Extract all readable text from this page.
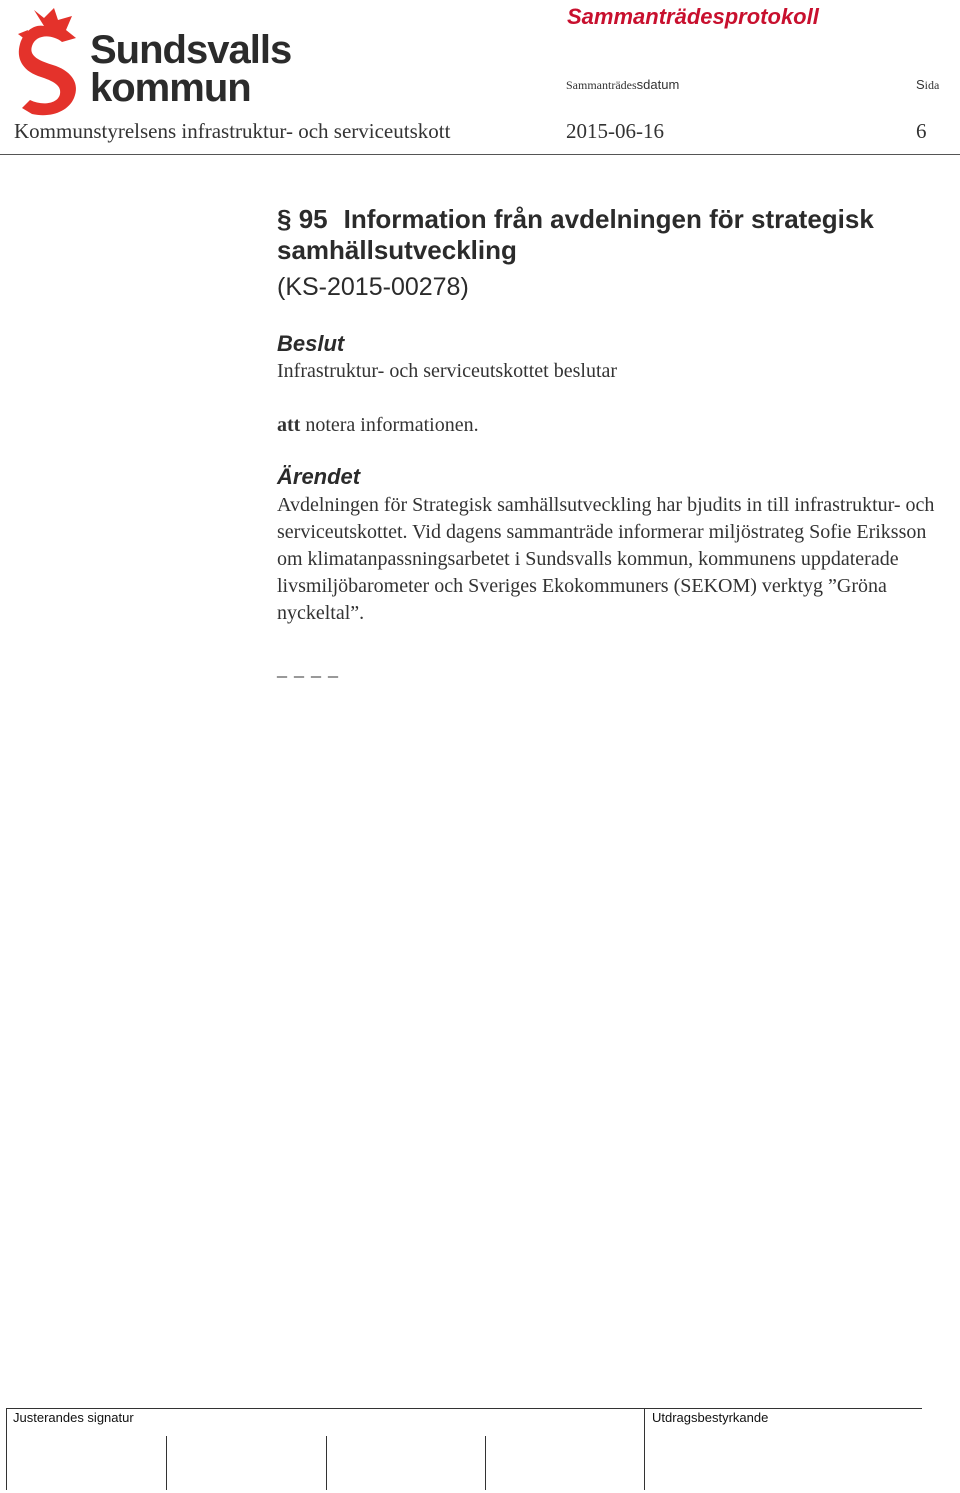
Sundsvalls
kommun
Sammanträdesprotokoll
Sammanträdessdatum	Sida
Kommunstyrelsens infrastruktur- och serviceutskott	2015-06-16	6
§ 95 Information från avdelningen för strategisk samhällsutveckling
(KS-2015-00278)
Beslut
Infrastruktur- och serviceutskottet beslutar
att notera informationen.
Ärendet
Avdelningen för Strategisk samhällsutveckling har bjudits in till infrastruktur- och serviceutskottet. Vid dagens sammanträde informerar miljöstrateg Sofie Eriksson om klimatanpassningsarbetet i Sundsvalls kommun, kommunens uppdaterade livsmiljöbarometer och Sveriges Ekokommuners (SEKOM) verktyg ”Gröna nyckeltal”.
_ _ _ _
Justerandes signatur	Utdragsbestyrkande
